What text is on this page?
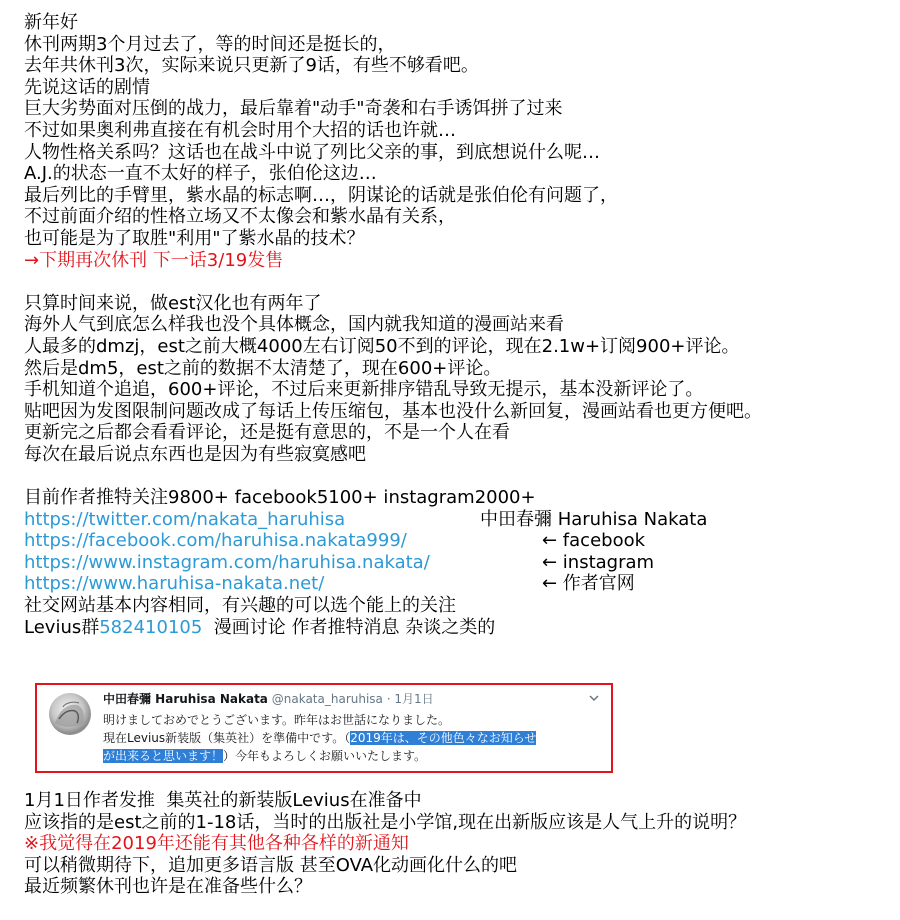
新年好
休刊两期3个月过去了，等的时间还是挺长的，
去年共休刊3次，实际来说只更新了9话，有些不够看吧。
先说这话的剧情
巨大劣势面对压倒的战力，最后靠着"动手"奇袭和右手诱饵拼了过来
不过如果奥利弗直接在有机会时用个大招的话也许就…
人物性格关系吗？这话也在战斗中说了列比父亲的事，到底想说什么呢…
A.J.的状态一直不太好的样子，张伯伦这边…
最后列比的手臂里，紫水晶的标志啊…，阴谋论的话就是张伯伦有问题了，
不过前面介绍的性格立场又不太像会和紫水晶有关系，
也可能是为了取胜"利用"了紫水晶的技术？
→下期再次休刊 下一话3/19发售
只算时间来说，做est汉化也有两年了
海外人气到底怎么样我也没个具体概念，国内就我知道的漫画站来看
人最多的dmzj，est之前大概4000左右订阅50不到的评论，现在2.1w+订阅900+评论。
然后是dm5，est之前的数据不太清楚了，现在600+评论。
手机知道个追追，600+评论，不过后来更新排序错乱导致无提示，基本没新评论了。
贴吧因为发图限制问题改成了每话上传压缩包，基本也没什么新回复，漫画站看也更方便吧。
更新完之后都会看看评论，还是挺有意思的，不是一个人在看
每次在最后说点东西也是因为有些寂寞感吧
目前作者推特关注9800+ facebook5100+ instagram2000+
https://twitter.com/nakata_haruhisa	中田春彌 Haruhisa Nakata
https://facebook.com/haruhisa.nakata999/	← facebook
https://www.instagram.com/haruhisa.nakata/	← instagram
https://www.haruhisa-nakata.net/	← 作者官网
社交网站基本内容相同，有兴趣的可以选个能上的关注
Levius群582410105  漫画讨论 作者推特消息 杂谈之类的
中田春彌 Haruhisa Nakata @nakata_haruhisa · 1月1日
明けましておめでとうございます。昨年はお世話になりました。
現在Levius新装版（集英社）を準備中です。（2019年は、その他色々なお知らせ
が出来ると思います！）今年もよろしくお願いいたします。
1月1日作者发推  集英社的新装版Levius在准备中
应该指的是est之前的1-18话，当时的出版社是小学馆,现在出新版应该是人气上升的说明？
※我觉得在2019年还能有其他各种各样的新通知
可以稍微期待下，追加更多语言版 甚至OVA化动画化什么的吧
最近频繁休刊也许是在准备些什么？
